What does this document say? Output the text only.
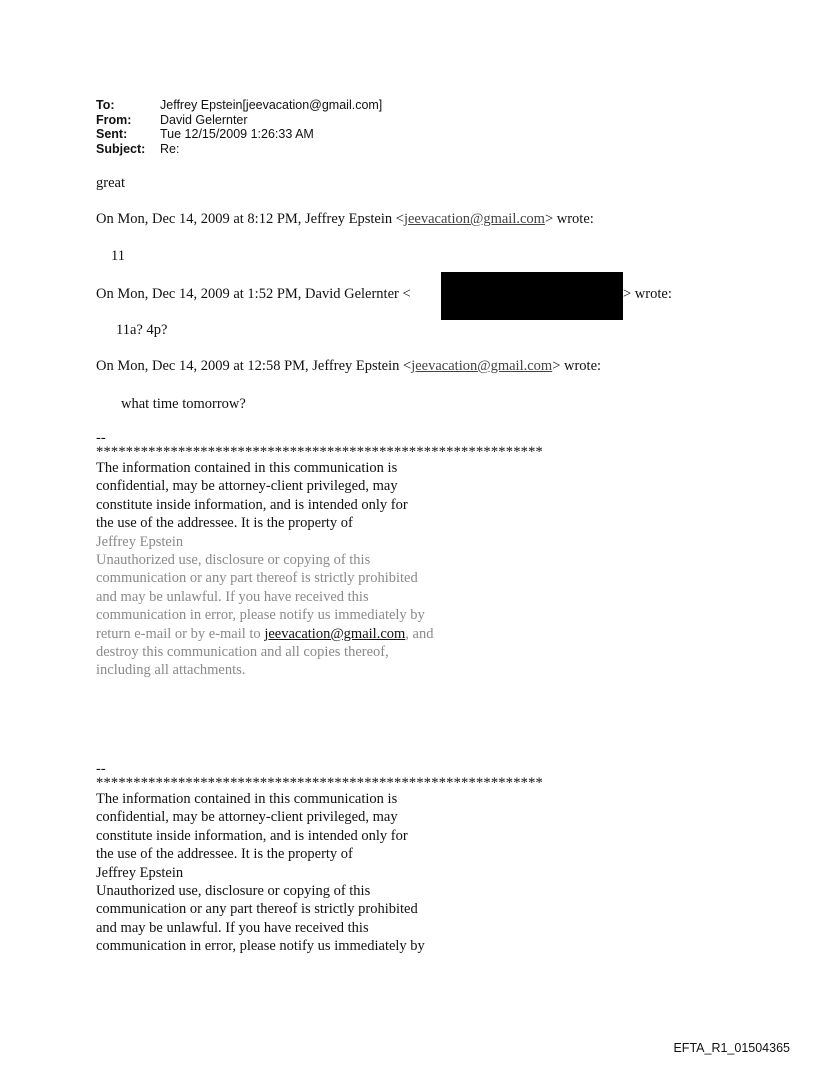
To:	Jeffrey Epstein[jeevacation@gmail.com]
From:	David Gelernter
Sent:	Tue 12/15/2009 1:26:33 AM
Subject:	Re:
great
On Mon, Dec 14, 2009 at 8:12 PM, Jeffrey Epstein <jeevacation@gmail.com> wrote:
11
On Mon, Dec 14, 2009 at 1:52 PM, David Gelernter <	> wrote:
11a? 4p?
On Mon, Dec 14, 2009 at 12:58 PM, Jeffrey Epstein <jeevacation@gmail.com> wrote:
what time tomorrow?
--
************************************************************
The information contained in this communication is
confidential, may be attorney-client privileged, may
constitute inside information, and is intended only for
the use of the addressee. It is the property of
Jeffrey Epstein
Unauthorized use, disclosure or copying of this
communication or any part thereof is strictly prohibited
and may be unlawful. If you have received this
communication in error, please notify us immediately by
return e-mail or by e-mail to jeevacation@gmail.com, and
destroy this communication and all copies thereof,
including all attachments.
--
************************************************************
The information contained in this communication is
confidential, may be attorney-client privileged, may
constitute inside information, and is intended only for
the use of the addressee. It is the property of
Jeffrey Epstein
Unauthorized use, disclosure or copying of this
communication or any part thereof is strictly prohibited
and may be unlawful. If you have received this
communication in error, please notify us immediately by
EFTA_R1_01504365
